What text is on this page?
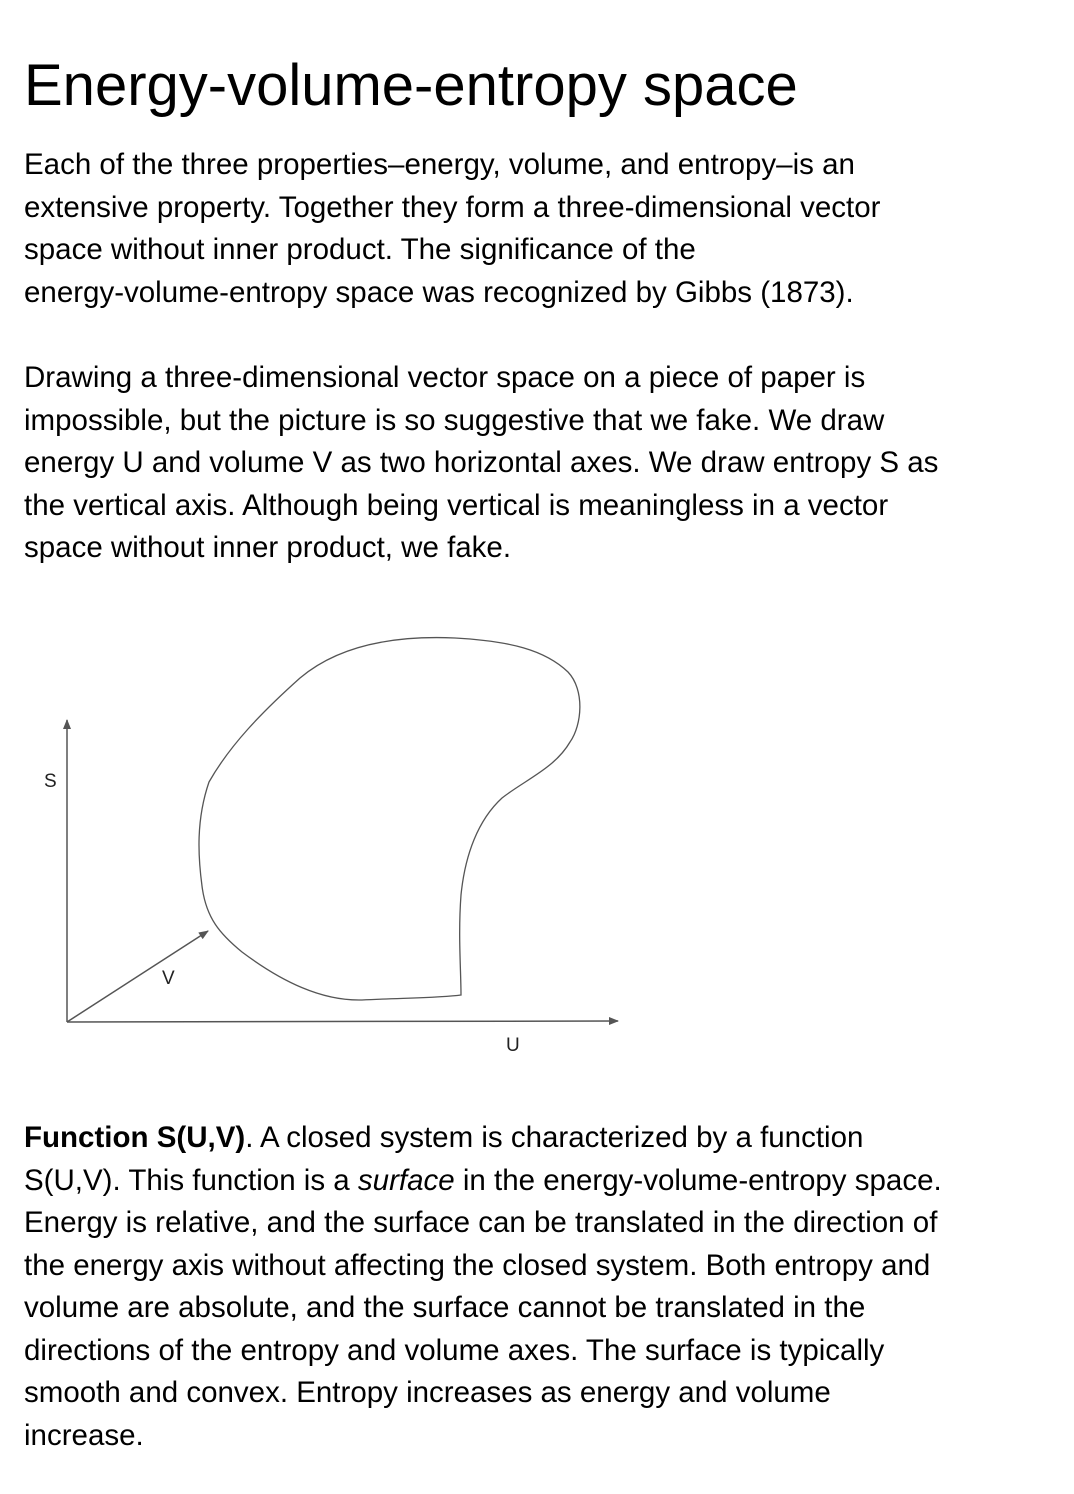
Energy-volume-entropy space

Each of the three properties–energy, volume, and entropy–is an
extensive property. Together they form a three-dimensional vector
space without inner product. The significance of the
energy-volume-entropy space was recognized by Gibbs (1873).

Drawing a three-dimensional vector space on a piece of paper is
impossible, but the picture is so suggestive that we fake. We draw
energy U and volume V as two horizontal axes. We draw entropy S as
the vertical axis. Although being vertical is meaningless in a vector
space without inner product, we fake.

S
V
U

Function S(U,V). A closed system is characterized by a function
S(U,V). This function is a surface in the energy-volume-entropy space.
Energy is relative, and the surface can be translated in the direction of
the energy axis without affecting the closed system. Both entropy and
volume are absolute, and the surface cannot be translated in the
directions of the entropy and volume axes. The surface is typically
smooth and convex. Entropy increases as energy and volume
increase.
